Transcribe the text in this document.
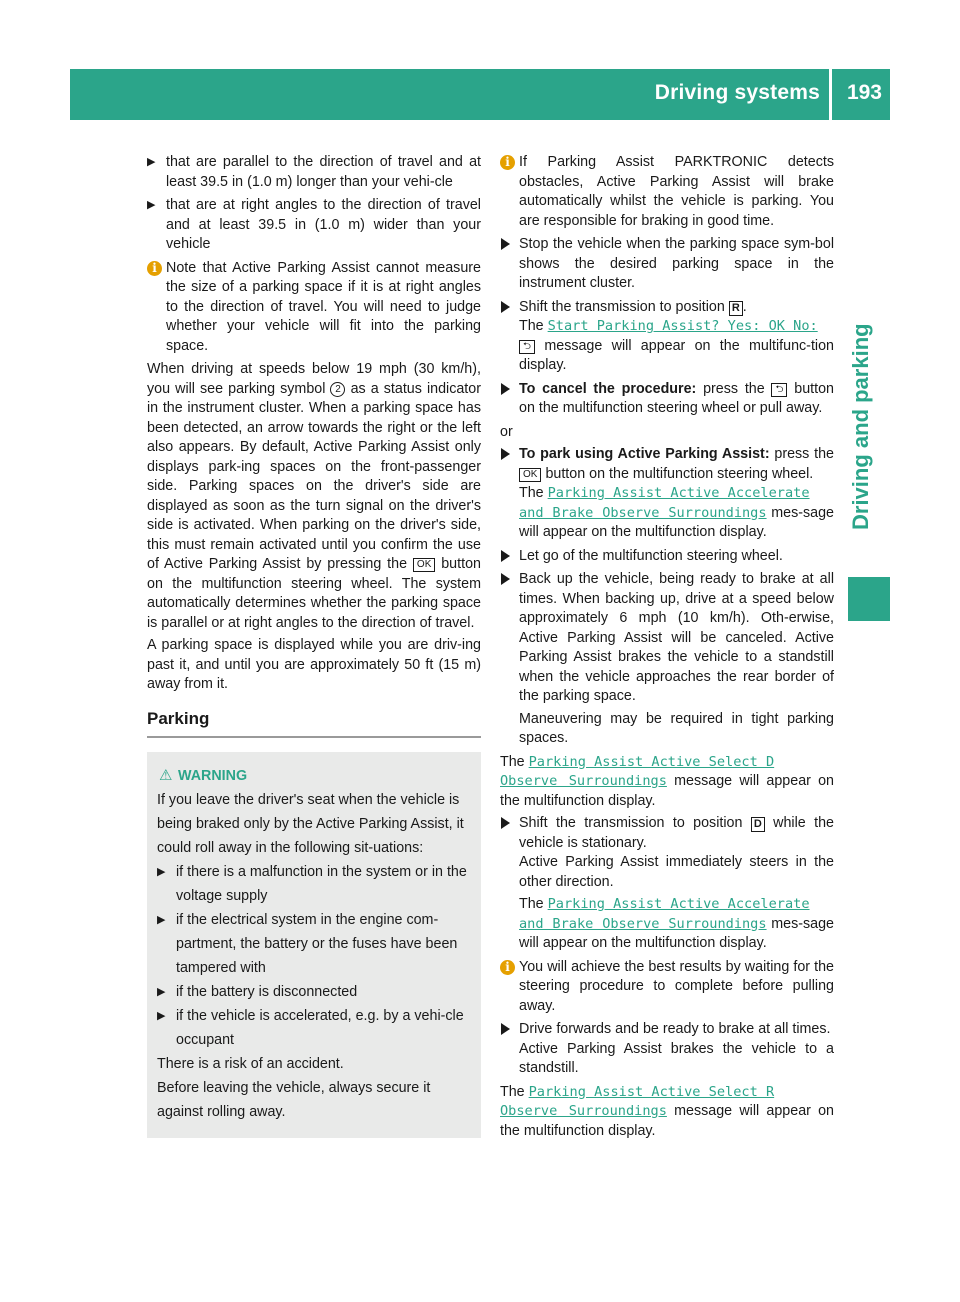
Driving systems 193
Driving and parking
▶ that are parallel to the direction of travel and at least 39.5 in (1.0 m) longer than your vehi-cle
▶ that are at right angles to the direction of travel and at least 39.5 in (1.0 m) wider than your vehicle
i Note that Active Parking Assist cannot measure the size of a parking space if it is at right angles to the direction of travel. You will need to judge whether your vehicle will fit into the parking space.

When driving at speeds below 19 mph (30 km/h), you will see parking symbol 2 as a status indicator in the instrument cluster. When a parking space has been detected, an arrow towards the right or the left also appears. By default, Active Parking Assist only displays park-ing spaces on the front-passenger side. Parking spaces on the driver's side are displayed as soon as the turn signal on the driver's side is activated. When parking on the driver's side, this must remain activated until you confirm the use of Active Parking Assist by pressing the OK button on the multifunction steering wheel. The system automatically determines whether the parking space is parallel or at right angles to the direction of travel.

A parking space is displayed while you are driv-ing past it, and until you are approximately 50 ft (15 m) away from it.

Parking
⚠ WARNING

If you leave the driver's seat when the vehicle is being braked only by the Active Parking Assist, it could roll away in the following sit-uations:

▶ if there is a malfunction in the system or in the voltage supply
▶ if the electrical system in the engine com-partment, the battery or the fuses have been tampered with
▶ if the battery is disconnected
▶ if the vehicle is accelerated, e.g. by a vehi-cle occupant

There is a risk of an accident.

Before leaving the vehicle, always secure it against rolling away.

i If Parking Assist PARKTRONIC detects obstacles, Active Parking Assist will brake automatically whilst the vehicle is parking. You are responsible for braking in good time.
Stop the vehicle when the parking space sym-bol shows the desired parking space in the instrument cluster.
Shift the transmission to position R .
The Start Parking Assist? Yes: OK No:
⮌ message will appear on the multifunc-tion display.
To cancel the procedure: press the ⮌ button on the multifunction steering wheel or pull away.

or

To park using Active Parking Assist: press the OK button on the multifunction steering wheel.
The Parking Assist Active Accelerate
and Brake Observe Surroundings mes-sage will appear on the multifunction display.
Let go of the multifunction steering wheel.
Back up the vehicle, being ready to brake at all times. When backing up, drive at a speed below approximately 6 mph (10 km/h). Oth-erwise, Active Parking Assist will be canceled. Active Parking Assist brakes the vehicle to a standstill when the vehicle approaches the rear border of the parking space.
Maneuvering may be required in tight parking spaces.

The Parking Assist Active Select D
Observe Surroundings message will appear on the multifunction display.

Shift the transmission to position D while the vehicle is stationary.
Active Parking Assist immediately steers in the other direction.
The Parking Assist Active Accelerate
and Brake Observe Surroundings mes-sage will appear on the multifunction display.
i You will achieve the best results by waiting for the steering procedure to complete before pulling away.
Drive forwards and be ready to brake at all times.
Active Parking Assist brakes the vehicle to a standstill.

The Parking Assist Active Select R
Observe Surroundings message will appear on the multifunction display.
